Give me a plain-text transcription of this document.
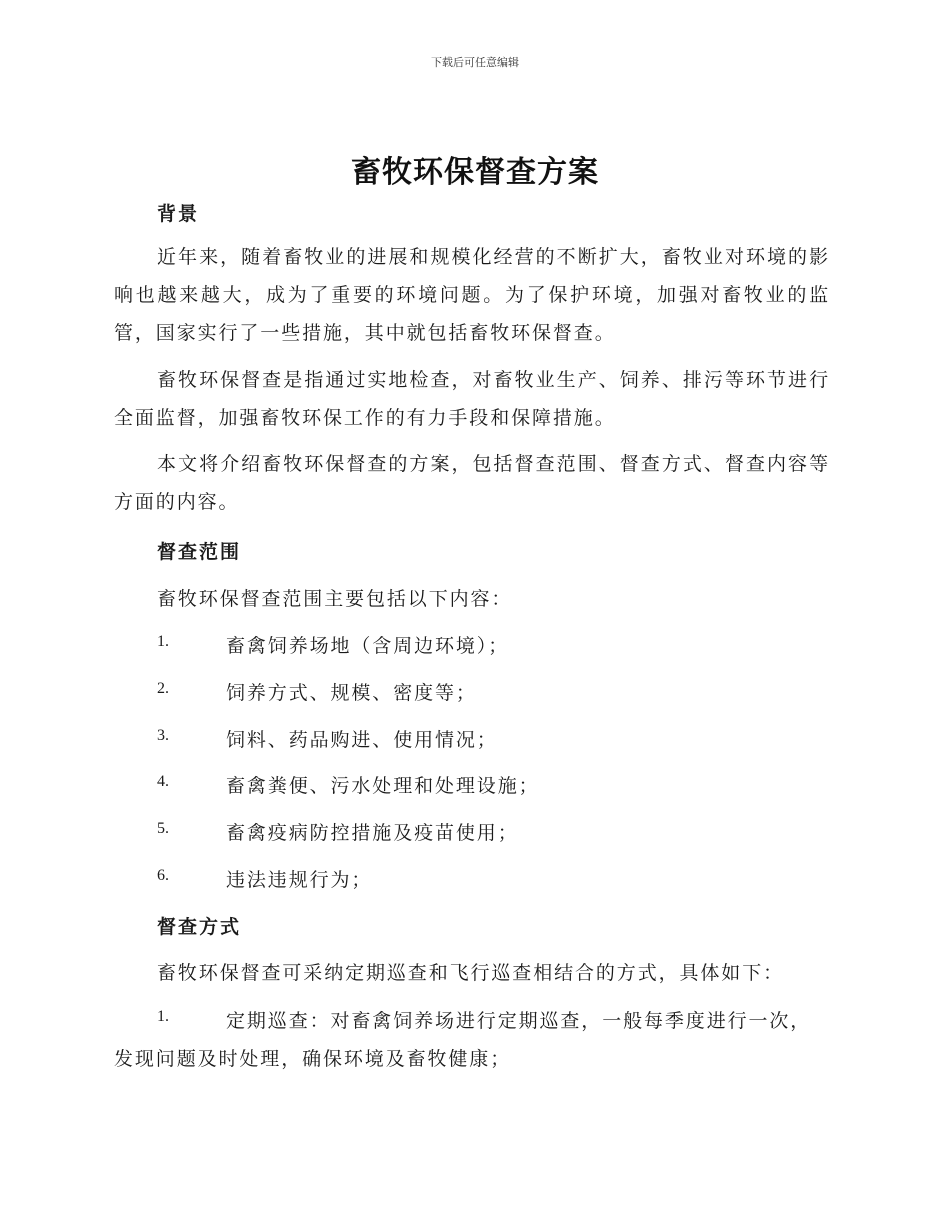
下载后可任意编辑
畜牧环保督查方案
背景

近年来，随着畜牧业的进展和规模化经营的不断扩大，畜牧业对环境的影响也越来越大，成为了重要的环境问题。为了保护环境，加强对畜牧业的监管，国家实行了一些措施，其中就包括畜牧环保督查。

畜牧环保督查是指通过实地检查，对畜牧业生产、饲养、排污等环节进行全面监督，加强畜牧环保工作的有力手段和保障措施。

本文将介绍畜牧环保督查的方案，包括督查范围、督查方式、督查内容等方面的内容。

督查范围
畜牧环保督查范围主要包括以下内容：
1.	畜禽饲养场地（含周边环境）；
2.	饲养方式、规模、密度等；
3.	饲料、药品购进、使用情况；
4.	畜禽粪便、污水处理和处理设施；
5.	畜禽疫病防控措施及疫苗使用；
6.	违法违规行为；
督查方式
畜牧环保督查可采纳定期巡查和飞行巡查相结合的方式，具体如下：
1.	定期巡查：对畜禽饲养场进行定期巡查，一般每季度进行一次，
发现问题及时处理，确保环境及畜牧健康；
